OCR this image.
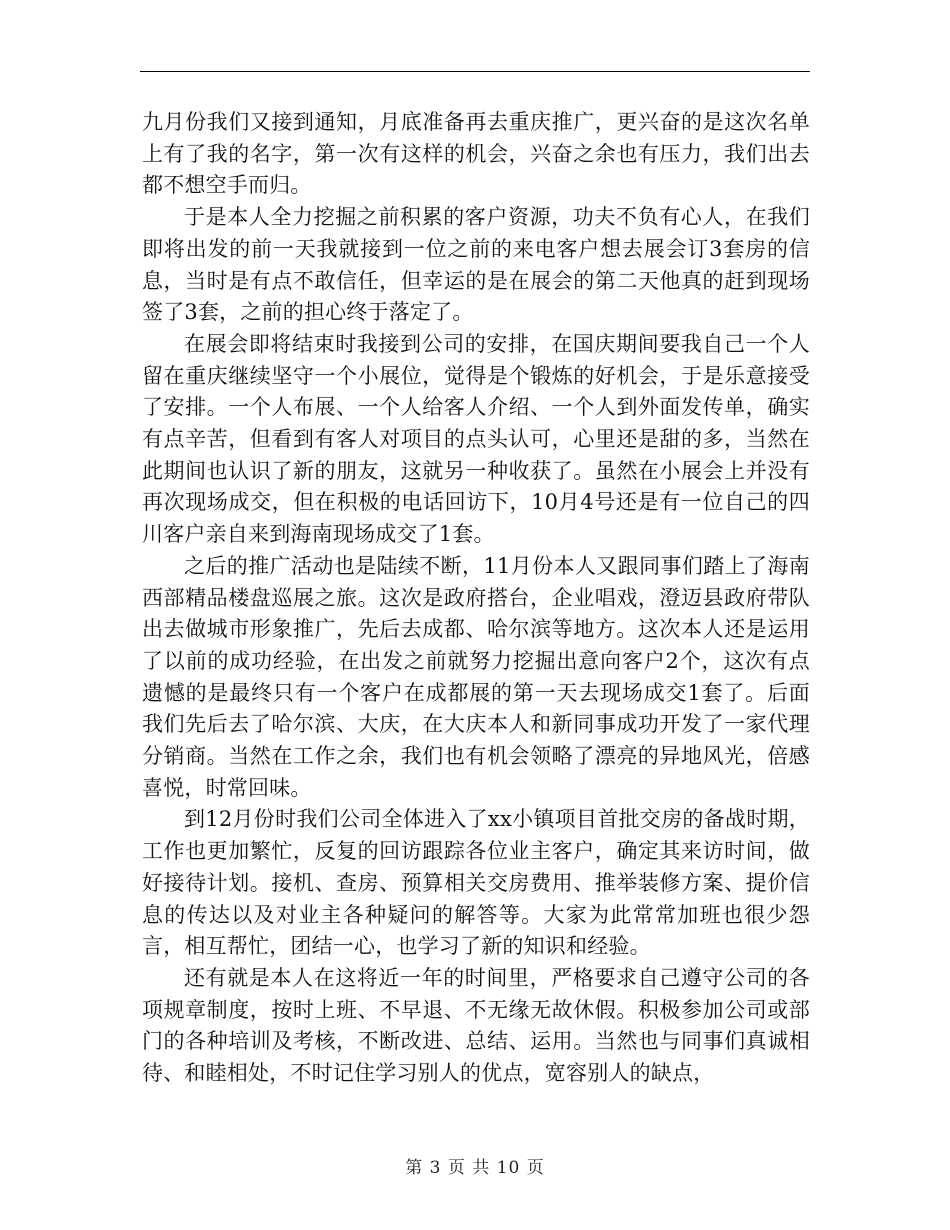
九月份我们又接到通知，月底准备再去重庆推广，更兴奋的是这次名单上有了我的名字，第一次有这样的机会，兴奋之余也有压力，我们出去都不想空手而归。

于是本人全力挖掘之前积累的客户资源，功夫不负有心人，在我们即将出发的前一天我就接到一位之前的来电客户想去展会订3套房的信息，当时是有点不敢信任，但幸运的是在展会的第二天他真的赶到现场签了3套，之前的担心终于落定了。

在展会即将结束时我接到公司的安排，在国庆期间要我自己一个人留在重庆继续坚守一个小展位，觉得是个锻炼的好机会，于是乐意接受了安排。一个人布展、一个人给客人介绍、一个人到外面发传单，确实有点辛苦，但看到有客人对项目的点头认可，心里还是甜的多，当然在此期间也认识了新的朋友，这就另一种收获了。虽然在小展会上并没有再次现场成交，但在积极的电话回访下，10月4号还是有一位自己的四川客户亲自来到海南现场成交了1套。

之后的推广活动也是陆续不断，11月份本人又跟同事们踏上了海南西部精品楼盘巡展之旅。这次是政府搭台，企业唱戏，澄迈县政府带队出去做城市形象推广，先后去成都、哈尔滨等地方。这次本人还是运用了以前的成功经验，在出发之前就努力挖掘出意向客户2个，这次有点遗憾的是最终只有一个客户在成都展的第一天去现场成交1套了。后面我们先后去了哈尔滨、大庆，在大庆本人和新同事成功开发了一家代理分销商。当然在工作之余，我们也有机会领略了漂亮的异地风光，倍感喜悦，时常回味。

到12月份时我们公司全体进入了xx小镇项目首批交房的备战时期，工作也更加繁忙，反复的回访跟踪各位业主客户，确定其来访时间，做好接待计划。接机、查房、预算相关交房费用、推举装修方案、提价信息的传达以及对业主各种疑问的解答等。大家为此常常加班也很少怨言，相互帮忙，团结一心，也学习了新的知识和经验。

还有就是本人在这将近一年的时间里，严格要求自己遵守公司的各项规章制度，按时上班、不早退、不无缘无故休假。积极参加公司或部门的各种培训及考核，不断改进、总结、运用。当然也与同事们真诚相待、和睦相处，不时记住学习别人的优点，宽容别人的缺点，

第 3 页 共 10 页
